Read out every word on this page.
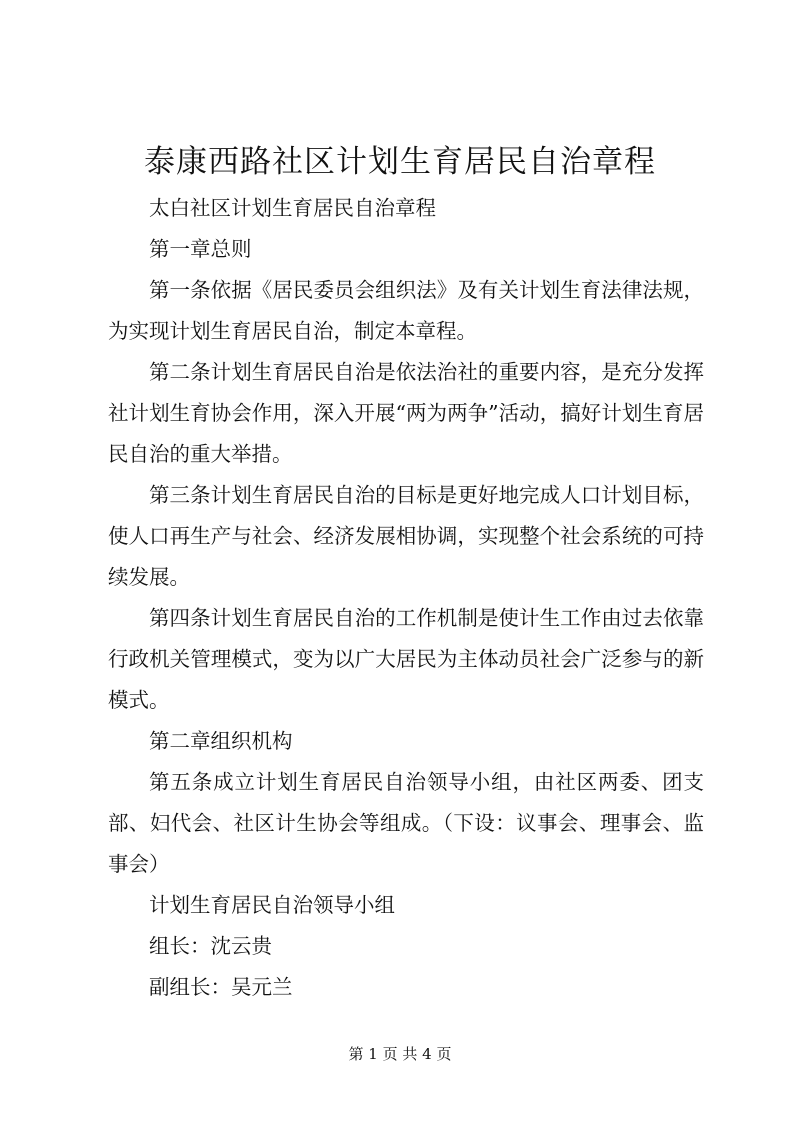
泰康西路社区计划生育居民自治章程

太白社区计划生育居民自治章程

第一章总则

第一条依据《居民委员会组织法》及有关计划生育法律法规，为实现计划生育居民自治，制定本章程。

第二条计划生育居民自治是依法治社的重要内容，是充分发挥社计划生育协会作用，深入开展“两为两争”活动，搞好计划生育居民自治的重大举措。

第三条计划生育居民自治的目标是更好地完成人口计划目标，使人口再生产与社会、经济发展相协调，实现整个社会系统的可持续发展。

第四条计划生育居民自治的工作机制是使计生工作由过去依靠行政机关管理模式，变为以广大居民为主体动员社会广泛参与的新模式。

第二章组织机构

第五条成立计划生育居民自治领导小组，由社区两委、团支部、妇代会、社区计生协会等组成。（下设：议事会、理事会、监事会）

计划生育居民自治领导小组

组长：沈云贵

副组长：吴元兰

第 1 页 共 4 页
